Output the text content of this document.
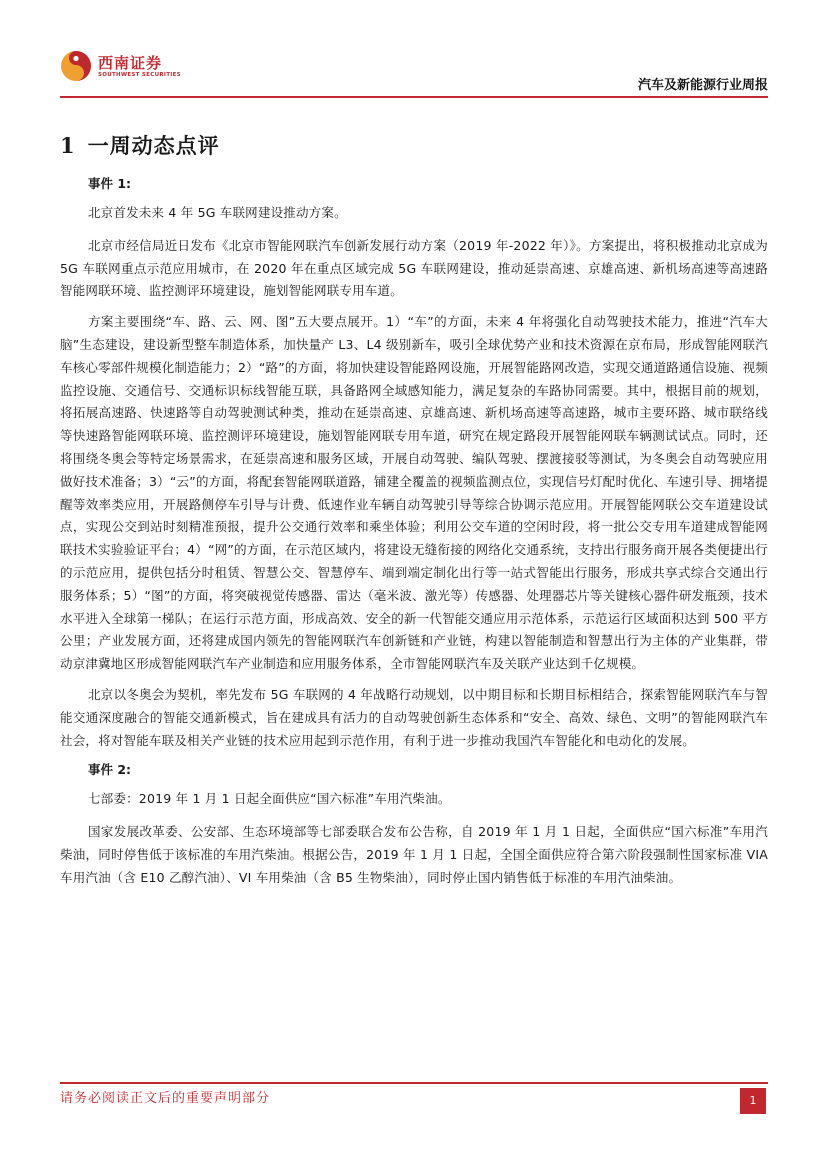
西南证券
SOUTHWEST SECURITIES
汽车及新能源行业周报
1 一周动态点评
事件 1:

北京首发未来 4 年 5G 车联网建设推动方案。

北京市经信局近日发布《北京市智能网联汽车创新发展行动方案（2019 年-2022 年）》。方案提出，将积极推动北京成为 5G 车联网重点示范应用城市，在 2020 年在重点区域完成 5G 车联网建设，推动延崇高速、京雄高速、新机场高速等高速路智能网联环境、监控测评环境建设，施划智能网联专用车道。

方案主要围绕“车、路、云、网、图”五大要点展开。1）“车”的方面，未来 4 年将强化自动驾驶技术能力，推进“汽车大脑”生态建设，建设新型整车制造体系，加快量产 L3、L4 级别新车，吸引全球优势产业和技术资源在京布局，形成智能网联汽车核心零部件规模化制造能力；2）“路”的方面，将加快建设智能路网设施，开展智能路网改造，实现交通道路通信设施、视频监控设施、交通信号、交通标识标线智能互联，具备路网全域感知能力，满足复杂的车路协同需要。其中，根据目前的规划，将拓展高速路、快速路等自动驾驶测试种类，推动在延崇高速、京雄高速、新机场高速等高速路，城市主要环路、城市联络线等快速路智能网联环境、监控测评环境建设，施划智能网联专用车道，研究在规定路段开展智能网联车辆测试试点。同时，还将围绕冬奥会等特定场景需求，在延崇高速和服务区域，开展自动驾驶、编队驾驶、摆渡接驳等测试，为冬奥会自动驾驶应用做好技术准备；3）“云”的方面，将配套智能网联道路，铺建全覆盖的视频监测点位，实现信号灯配时优化、车速引导、拥堵提醒等效率类应用，开展路侧停车引导与计费、低速作业车辆自动驾驶引导等综合协调示范应用。开展智能网联公交车道建设试点，实现公交到站时刻精准预报，提升公交通行效率和乘坐体验；利用公交车道的空闲时段，将一批公交专用车道建成智能网联技术实验验证平台；4）“网”的方面，在示范区域内，将建设无缝衔接的网络化交通系统，支持出行服务商开展各类便捷出行的示范应用，提供包括分时租赁、智慧公交、智慧停车、端到端定制化出行等一站式智能出行服务，形成共享式综合交通出行服务体系；5）“图”的方面，将突破视觉传感器、雷达（毫米波、激光等）传感器、处理器芯片等关键核心器件研发瓶颈，技术水平进入全球第一梯队；在运行示范方面，形成高效、安全的新一代智能交通应用示范体系，示范运行区域面积达到 500 平方公里；产业发展方面，还将建成国内领先的智能网联汽车创新链和产业链，构建以智能制造和智慧出行为主体的产业集群，带动京津冀地区形成智能网联汽车产业制造和应用服务体系，全市智能网联汽车及关联产业达到千亿规模。

北京以冬奥会为契机，率先发布 5G 车联网的 4 年战略行动规划，以中期目标和长期目标相结合，探索智能网联汽车与智能交通深度融合的智能交通新模式，旨在建成具有活力的自动驾驶创新生态体系和“安全、高效、绿色、文明”的智能网联汽车社会，将对智能车联及相关产业链的技术应用起到示范作用，有利于进一步推动我国汽车智能化和电动化的发展。

事件 2:

七部委：2019 年 1 月 1 日起全面供应“国六标准”车用汽柴油。

国家发展改革委、公安部、生态环境部等七部委联合发布公告称，自 2019 年 1 月 1 日起，全面供应“国六标准”车用汽柴油，同时停售低于该标准的车用汽柴油。根据公告，2019 年 1 月 1 日起，全国全面供应符合第六阶段强制性国家标准 VIA 车用汽油（含 E10 乙醇汽油）、VI 车用柴油（含 B5 生物柴油），同时停止国内销售低于标准的车用汽油柴油。

请务必阅读正文后的重要声明部分	1
